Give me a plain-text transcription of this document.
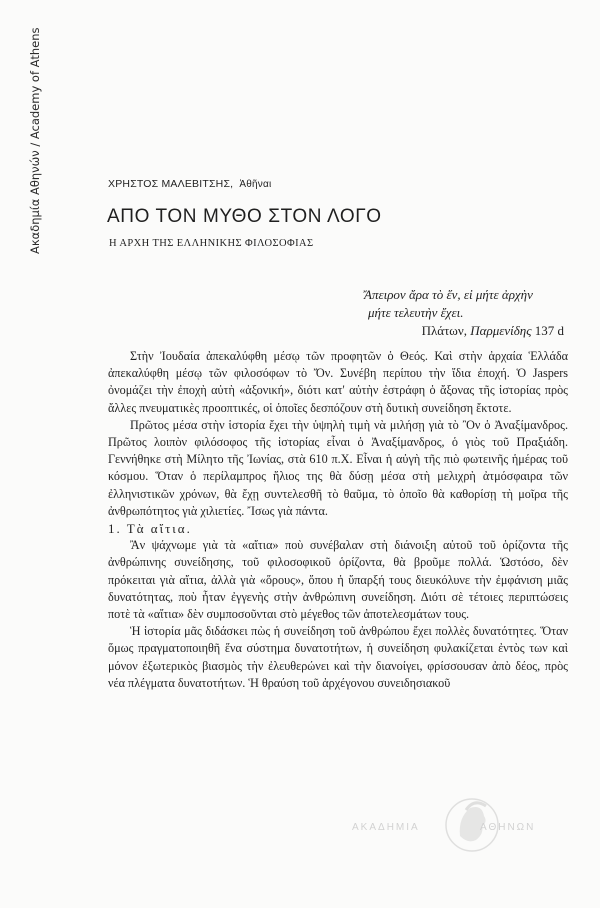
Ακαδημία Αθηνών / Academy of Athens	ΧΡΗΣΤΟΣ ΜΑΛΕΒΙΤΣΗΣ, Ἀθῆναι
ΑΠΟ ΤΟΝ ΜΥΘΟ ΣΤΟΝ ΛΟΓΟ
Η ΑΡΧΗ ΤΗΣ ΕΛΛΗΝΙΚΗΣ ΦΙΛΟΣΟΦΙΑΣ
Ἄπειρον ἄρα τὸ ἕν, εἰ μήτε ἀρχὴν
μήτε τελευτὴν ἔχει.
Πλάτων, Παρμενίδης 137 d

Στὴν Ἰουδαία ἀπεκαλύφθη μέσῳ τῶν προφητῶν ὁ Θεός. Καὶ στὴν ἀρχαία Ἑλλάδα ἀπεκαλύφθη μέσῳ τῶν φιλοσόφων τὸ Ὄν. Συνέβη περίπου τὴν ἴδια ἐποχή. Ὁ Jaspers ὀνομάζει τὴν ἐποχὴ αὐτὴ «ἀξονική», διότι κατ' αὐτὴν ἐστράφη ὁ ἄξονας τῆς ἱστορίας πρὸς ἄλλες πνευματικὲς προοπτικές, οἱ ὁποῖες δεσπόζουν στὴ δυτικὴ συνείδηση ἔκτοτε.

Πρῶτος μέσα στὴν ἱστορία ἔχει τὴν ὑψηλὴ τιμὴ νὰ μιλήσῃ γιὰ τὸ Ὂν ὁ Ἀναξίμανδρος. Πρῶτος λοιπὸν φιλόσοφος τῆς ἱστορίας εἶναι ὁ Ἀναξίμανδρος, ὁ γιὸς τοῦ Πραξιάδη. Γεννήθηκε στὴ Μίλητο τῆς Ἰωνίας, στὰ 610 π.Χ. Εἶναι ἡ αὐγὴ τῆς πιὸ φωτεινῆς ἡμέρας τοῦ κόσμου. Ὅταν ὁ περίλαμπρος ἥλιος της θὰ δύσῃ μέσα στὴ μελιχρὴ ἀτμόσφαιρα τῶν ἐλληνιστικῶν χρόνων, θὰ ἔχῃ συντελεσθῆ τὸ θαῦμα, τὸ ὁποῖο θὰ καθορίσῃ τὴ μοῖρα τῆς ἀνθρωπότητος γιὰ χιλιετίες. Ἴσως γιὰ πάντα.

1. Τὰ αἴτια.

Ἂν ψάχνωμε γιὰ τὰ «αἴτια» ποὺ συνέβαλαν στὴ διάνοιξη αὐτοῦ τοῦ ὁρίζοντα τῆς ἀνθρώπινης συνείδησης, τοῦ φιλοσοφικοῦ ὁρίζοντα, θὰ βροῦμε πολλά. Ὡστόσο, δὲν πρόκειται γιὰ αἴτια, ἀλλὰ γιὰ «ὅρους», ὅπου ἡ ὕπαρξή τους διευκόλυνε τὴν ἐμφάνιση μιᾶς δυνατότητας, ποὺ ἦταν ἐγγενὴς στὴν ἀνθρώπινη συνείδηση. Διότι σὲ τέτοιες περιπτώσεις ποτὲ τὰ «αἴτια» δὲν συμποσοῦνται στὸ μέγεθος τῶν ἀποτελεσμάτων τους.

Ἡ ἱστορία μᾶς διδάσκει πὼς ἡ συνείδηση τοῦ ἀνθρώπου ἔχει πολλὲς δυνατότητες. Ὅταν ὅμως πραγματοποιηθῆ ἕνα σύστημα δυνατοτήτων, ἡ συνείδηση φυλακίζεται ἐντὸς των καὶ μόνον ἐξωτερικὸς βιασμὸς τὴν ἐλευθερώνει καὶ τὴν διανοίγει, φρίσσουσαν ἀπὸ δέος, πρὸς νέα πλέγματα δυνατοτήτων. Ἡ θραύση τοῦ ἀρχέγονου συνειδησιακοῦ

ΑΚΑΔΗΜΙΑ	ΑΘΗΝΩΝ
